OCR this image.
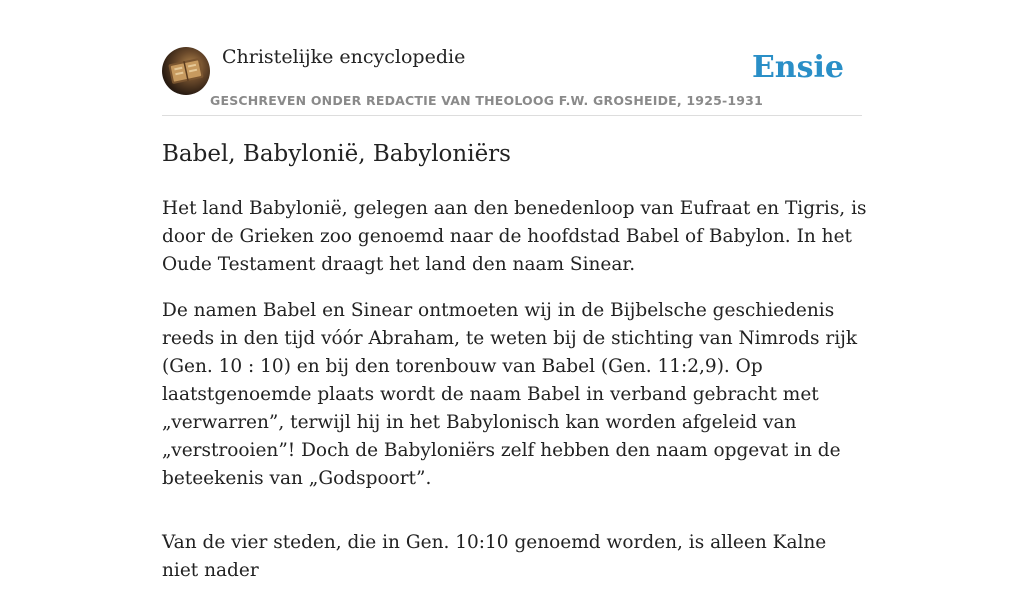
Christelijke encyclopedie
GESCHREVEN ONDER REDACTIE VAN THEOLOOG F.W. GROSHEIDE, 1925-1931
Ensie
Babel, Babylonië, Babyloniërs

Het land Babylonië, gelegen aan den benedenloop van Eufraat en Tigris, is door de Grieken zoo genoemd naar de hoofdstad Babel of Babylon. In het Oude Testament draagt het land den naam Sinear.

De namen Babel en Sinear ontmoeten wij in de Bijbelsche geschiedenis reeds in den tijd vóór Abraham, te weten bij de stichting van Nimrods rijk (Gen. 10 : 10) en bij den torenbouw van Babel (Gen. 11:2,9). Op laatstgenoemde plaats wordt de naam Babel in verband gebracht met „verwarren”, terwijl hij in het Babylonisch kan worden afgeleid van „verstrooien”! Doch de Babyloniërs zelf hebben den naam opgevat in de beteekenis van „Godspoort”.

Van de vier steden, die in Gen. 10:10 genoemd worden, is alleen Kalne niet nader
